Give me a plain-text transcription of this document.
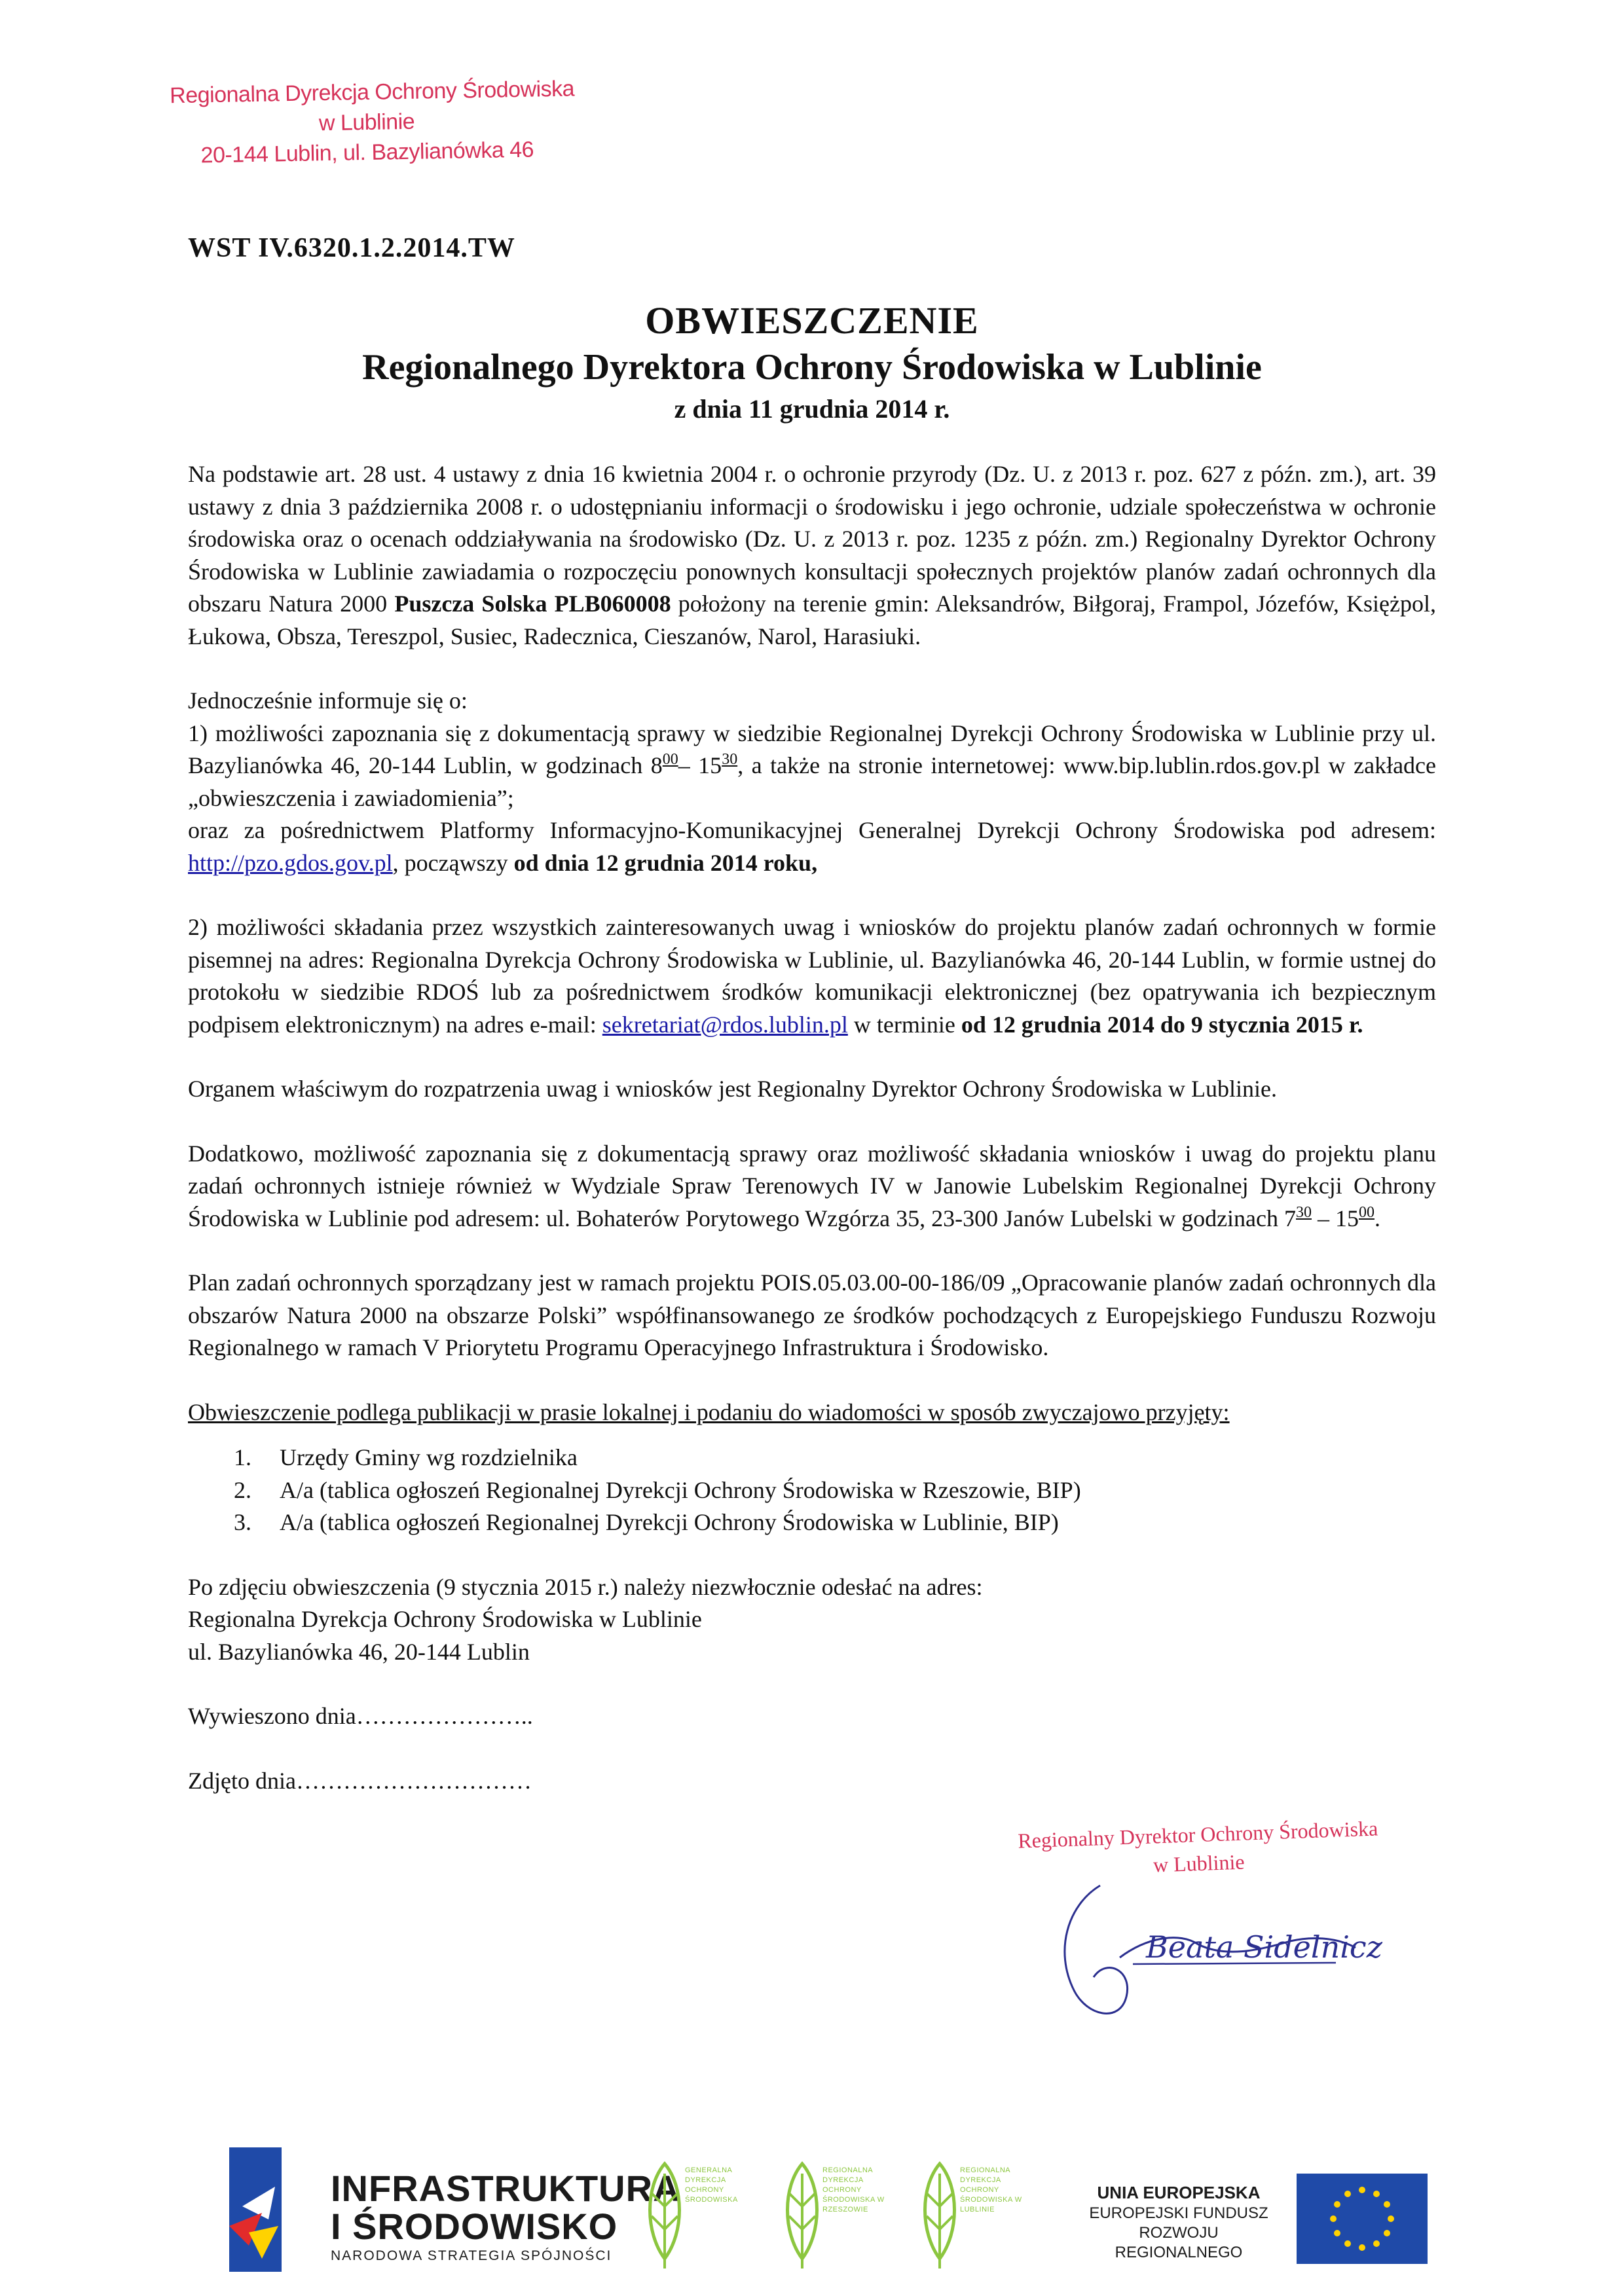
Regionalna Dyrekcja Ochrony Środowiska
w Lublinie
20-144 Lublin, ul. Bazylianówka 46
WST IV.6320.1.2.2014.TW
OBWIESZCZENIE
Regionalnego Dyrektora Ochrony Środowiska w Lublinie
z dnia 11 grudnia 2014 r.

Na podstawie art. 28 ust. 4 ustawy z dnia 16 kwietnia 2004 r. o ochronie przyrody (Dz. U. z 2013 r. poz. 627 z późn. zm.), art. 39 ustawy z dnia 3 października 2008 r. o udostępnianiu informacji o środowisku i jego ochronie, udziale społeczeństwa w ochronie środowiska oraz o ocenach oddziaływania na środowisko (Dz. U. z 2013 r. poz. 1235 z późn. zm.) Regionalny Dyrektor Ochrony Środowiska w Lublinie zawiadamia o rozpoczęciu ponownych konsultacji społecznych projektów planów zadań ochronnych dla obszaru Natura 2000 Puszcza Solska PLB060008 położony na terenie gmin: Aleksandrów, Biłgoraj, Frampol, Józefów, Księżpol, Łukowa, Obsza, Tereszpol, Susiec, Radecznica, Cieszanów, Narol, Harasiuki.

Jednocześnie informuje się o:
1) możliwości zapoznania się z dokumentacją sprawy w siedzibie Regionalnej Dyrekcji Ochrony Środowiska w Lublinie przy ul. Bazylianówka 46, 20-144 Lublin, w godzinach $8^{00}-$ $15^{30}$, a także na stronie internetowej: www.bip.lublin.rdos.gov.pl w zakładce „obwieszczenia i zawiadomienia”;
oraz za pośrednictwem Platformy Informacyjno-Komunikacyjnej Generalnej Dyrekcji Ochrony Środowiska pod adresem: http://pzo.gdos.gov.pl, począwszy od dnia 12 grudnia 2014 roku,

2) możliwości składania przez wszystkich zainteresowanych uwag i wniosków do projektu planów zadań ochronnych w formie pisemnej na adres: Regionalna Dyrekcja Ochrony Środowiska w Lublinie, ul. Bazylianówka 46, 20-144 Lublin, w formie ustnej do protokołu w siedzibie RDOŚ lub za pośrednictwem środków komunikacji elektronicznej (bez opatrywania ich bezpiecznym podpisem elektronicznym) na adres e-mail: sekretariat@rdos.lublin.pl w terminie od 12 grudnia 2014 do 9 stycznia 2015 r.

Organem właściwym do rozpatrzenia uwag i wniosków jest Regionalny Dyrektor Ochrony Środowiska w Lublinie.

Dodatkowo, możliwość zapoznania się z dokumentacją sprawy oraz możliwość składania wniosków i uwag do projektu planu zadań ochronnych istnieje również w Wydziale Spraw Terenowych IV w Janowie Lubelskim Regionalnej Dyrekcji Ochrony Środowiska w Lublinie pod adresem: ul. Bohaterów Porytowego Wzgórza 35, 23-300 Janów Lubelski w godzinach $7^{30} - 15^{00}$.

Plan zadań ochronnych sporządzany jest w ramach projektu POIS.05.03.00-00-186/09 „Opracowanie planów zadań ochronnych dla obszarów Natura 2000 na obszarze Polski” współfinansowanego ze środków pochodzących z Europejskiego Funduszu Rozwoju Regionalnego w ramach V Priorytetu Programu Operacyjnego Infrastruktura i Środowisko.

Obwieszczenie podlega publikacji w prasie lokalnej i podaniu do wiadomości w sposób zwyczajowo przyjęty:

1.	Urzędy Gminy wg rozdzielnika
2.	A/a (tablica ogłoszeń Regionalnej Dyrekcji Ochrony Środowiska w Rzeszowie, BIP)
3.	A/a (tablica ogłoszeń Regionalnej Dyrekcji Ochrony Środowiska w Lublinie, BIP)

Po zdjęciu obwieszczenia (9 stycznia 2015 r.) należy niezwłocznie odesłać na adres:
Regionalna Dyrekcja Ochrony Środowiska w Lublinie
ul. Bazylianówka 46, 20-144 Lublin

Wywieszono dnia…………………..
Zdjęto dnia…………………………
Regionalny Dyrektor Ochrony Środowiska
w Lublinie
Beata Sidelnicz
INFRASTRUKTURA
I ŚRODOWISKO
NARODOWA STRATEGIA SPÓJNOŚCI
GENERALNA DYREKCJA OCHRONY ŚRODOWISKA
REGIONALNA DYREKCJA OCHRONY ŚRODOWISKA W RZESZOWIE
REGIONALNA DYREKCJA OCHRONY ŚRODOWISKA W LUBLINIE
UNIA EUROPEJSKA
EUROPEJSKI FUNDUSZ
ROZWOJU REGIONALNEGO
